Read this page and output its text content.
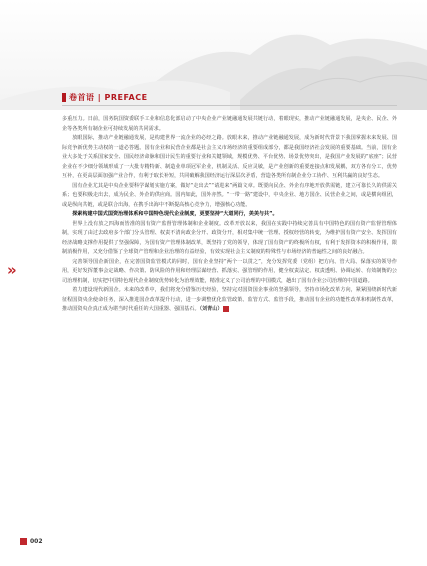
卷首语 | PREFACE
»

多重压力。日前，国务院国资委联手工业和信息化部启动了中央企业产业链融通发展共链行动，着眼现实，推动产业链融通发展，是央企、民企、外企等各类所有制企业可持续发展的共同需求。

放眼国际，推动产业链融通发展，是构建世界一流企业的必经之路。放眼未来，推动产业链融通发展，成为新时代背景下我国掌握未来发展、国际竞争新优势主动权的一道必答题。国有企业和民营企业都是社会主义市场经济的重要组成部分，都是我国经济社会发展的重要基础。当前，国有企业大多处于关系国家安全、国民经济命脉和国计民生的重要行业和关键领域，规模优势、平台优势、场景优势突出，是我国产业发展的“底座”；民营企业在不少细分领域形成了一大批专精特新、制造业单项冠军企业，机制灵活、反应灵敏，是产业创新的重要连接点和发展耦，双方各有分工，优势互补，在更高层面加强产业合作，有利于取长补短，共同破解我国经济运行深层次矛盾，营造各类所有制企业分工协作、互利共赢的良好生态。

国有企业尤其是中央企业要科学谋划实施方案，做好“走出去”“请进来”两篇文章。既要向民企、外企有序地开放供需链，建立可靠长久的供需关系；也要积极走出去，成为民企、外企的供应商。国内如此，国外亦然。“一带一路”建设中，中央企业、地方国企、民营企业之间，或是横向组团，或是纵向共链，或是联合出海，在携手出海中不断提高核心竞争力，增强核心功能。

探索构建中国式国资治理体系和中国特色现代企业制度，更要坚持“大道同行，美美与共”。

世界上没有放之四海而皆准的国有资产监督管理体制和企业制度。改革开放以来，我国在实践中持续完善具有中国特色的国有资产监督管理体制，实现了由过去政府多个部门分头管理、权责不清向政企分开、政资分开，相对集中统一管理、授权经营的转变，为维护国有资产安全、发挥国有经济战略支撑作用提供了坚强保障，为国有资产管理体制改革，既坚持了党的领导，体现了国有资产的终极所有权，有利于发挥资本的积极作用，限制消极作用，又充分借鉴了全球资产管理和企业治理的有益经验，有效实现社会主义制度的特殊性与市场经济的普遍性之间的良好融合。

完善领导国企新国企，在完善国资监管模式的同时，国有企业坚持“两个一以贯之”，充分发挥党委（党组）把方向、管大局、保落实的领导作用，更好发挥董事会定战略、作决策、防风险的作用和经理层谋经营、抓落实、强管理的作用，健全权责法定、权责透明、协调运转、有效制衡的公司治理机制，切实把中国特色现代企业制度优势转化为治理效能，精准定义了公司治理的中国模式，趟出了国有企业公司治理的中国道路。

着力建设现代新国企。未来的改革中，我们将充分借鉴历史经验，坚持完对国资国企事业的坚强领导，坚持市场化改革方向，紧紧围绕新时代新征程国资央企使命任务，深入推进国企改革提升行动，进一步调整优化监管政策、监管方式、监管手段，推动国有企业的功能性改革和机制性改革，推动国资央企真正成为堪当时代重任的大国重器、强国基石。（刘青山）

002
